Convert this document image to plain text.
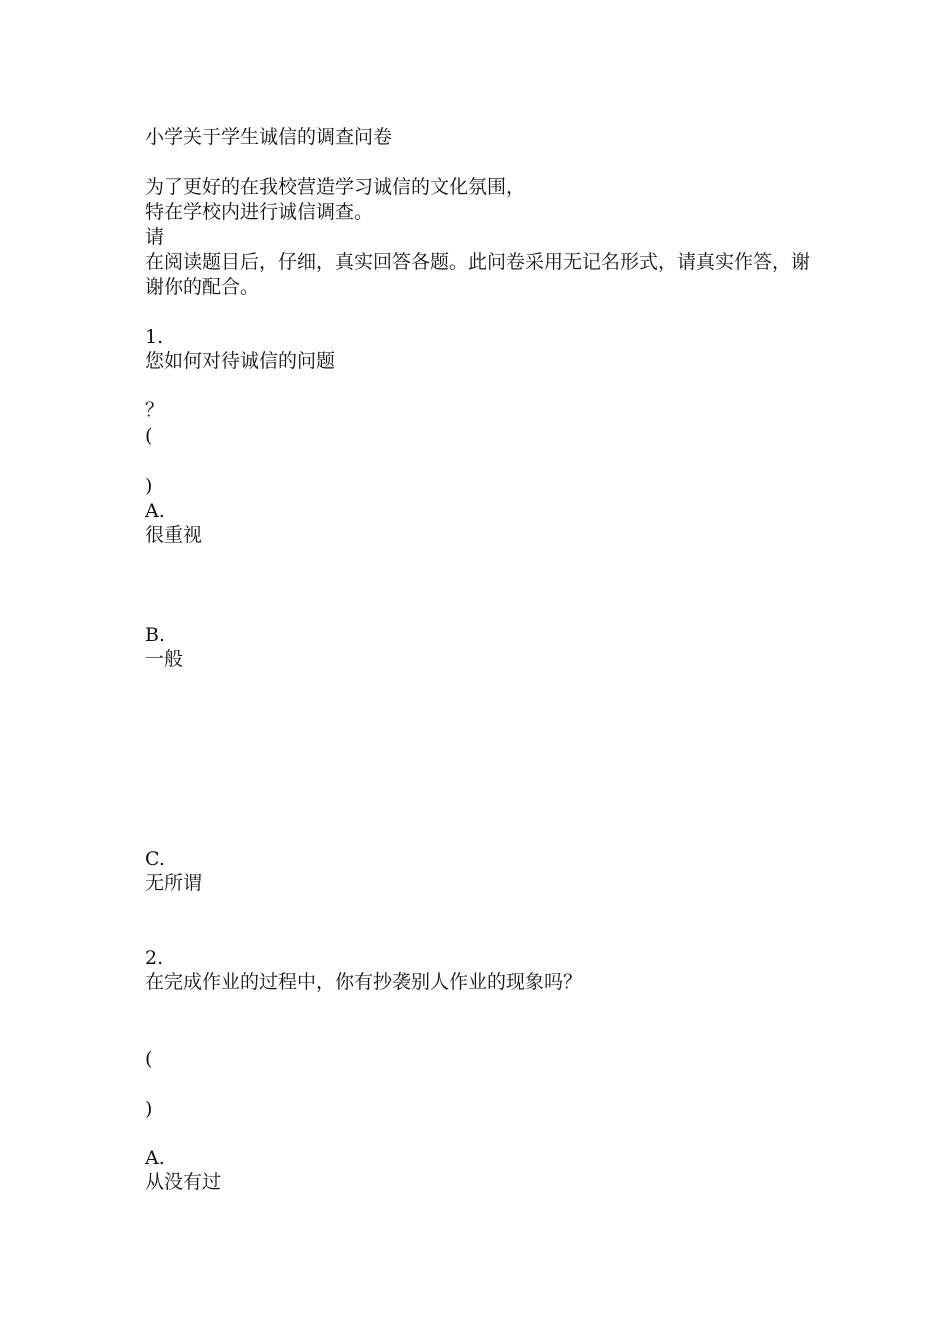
小学关于学生诚信的调查问卷
为了更好的在我校营造学习诚信的文化氛围，
特在学校内进行诚信调查。
请
在阅读题目后，仔细，真实回答各题。此问卷采用无记名形式，请真实作答，谢
谢你的配合。
1.
您如何对待诚信的问题
？
(
)
A.
很重视
B.
一般
C.
无所谓
2.
在完成作业的过程中，你有抄袭别人作业的现象吗？
(
)
A.
从没有过
